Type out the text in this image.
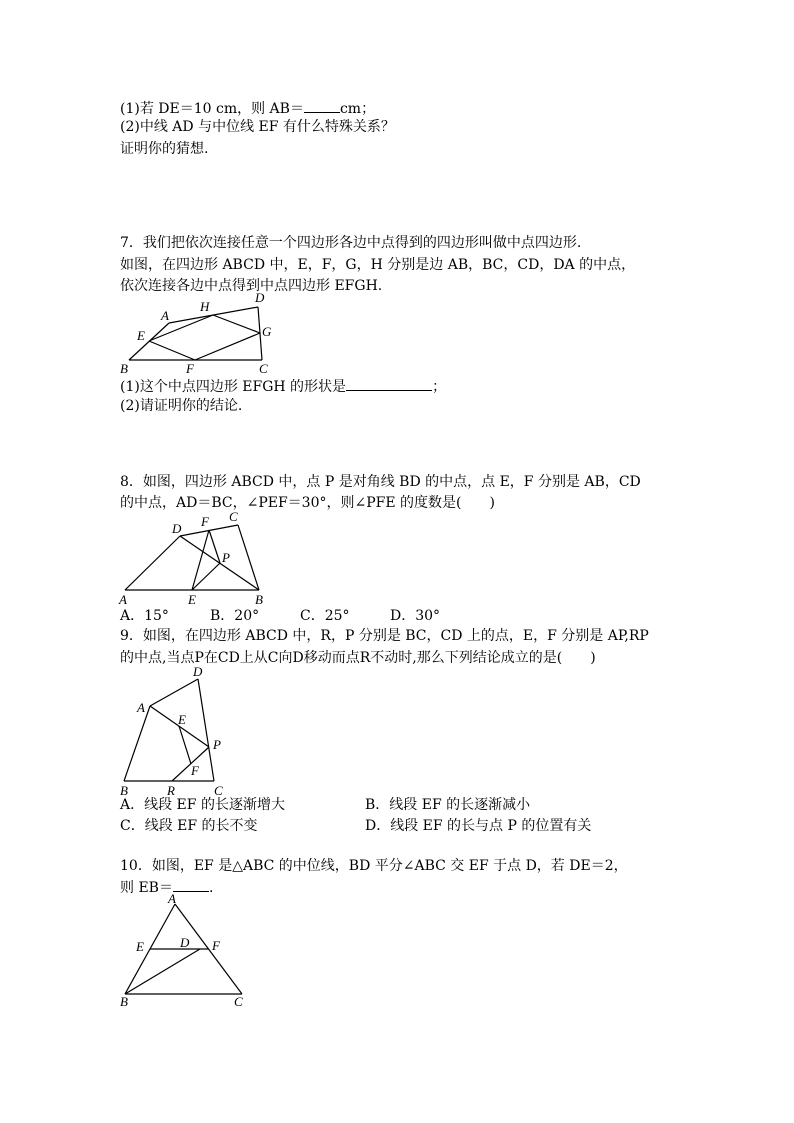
(1)若 DE＝10 cm，则 AB＝	cm；
(2)中线 AD 与中位线 EF 有什么特殊关系？
证明你的猜想.
7．我们把依次连接任意一个四边形各边中点得到的四边形叫做中点四边形.
如图，在四边形 ABCD 中，E，F，G，H 分别是边 AB，BC，CD，DA 的中点，
依次连接各边中点得到中点四边形 EFGH.
A
H
D
E	G
B	F	C
(1)这个中点四边形 EFGH 的形状是	；
(2)请证明你的结论.
8．如图，四边形 ABCD 中，点 P 是对角线 BD 的中点，点 E，F 分别是 AB，CD
的中点，AD＝BC，∠PEF＝30°，则∠PFE 的度数是(　　)
D F C
P
A	E	B
A．15°	B．20°	C．25°	D．30°
9．如图，在四边形 ABCD 中，R，P 分别是 BC，CD 上的点，E，F 分别是 AP,RP
的中点,当点P在CD上从C向D移动而点R不动时,那么下列结论成立的是(　　)
D
A
E
P
F
B	R	C
A．线段 EF 的长逐渐增大	B．线段 EF 的长逐渐减小
C．线段 EF 的长不变	D．线段 EF 的长与点 P 的位置有关
10．如图，EF 是△ABC 的中位线，BD 平分∠ABC 交 EF 于点 D，若 DE＝2，
则 EB＝	.
A
E	D F
B	C
